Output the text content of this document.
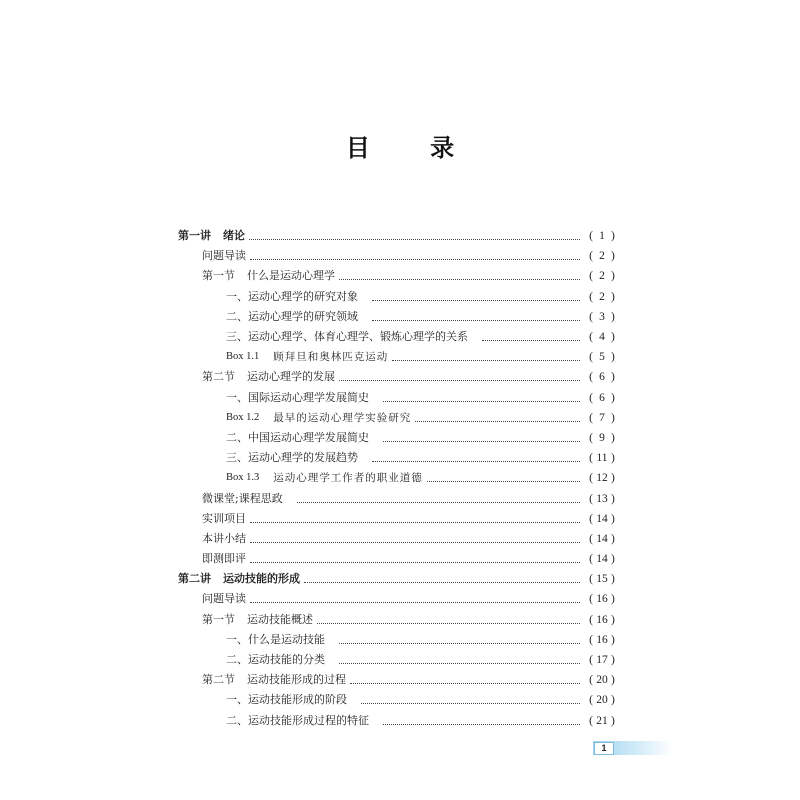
目 录
第一讲 绪论	(1)
问题导读	(2)
第一节 什么是运动心理学	(2)
一、运动心理学的研究对象	(2)
二、运动心理学的研究领域	(3)
三、运动心理学、体育心理学、锻炼心理学的关系	(4)
Box 1.1 顾拜旦和奥林匹克运动	(5)
第二节 运动心理学的发展	(6)
一、国际运动心理学发展简史	(6)
Box 1.2 最早的运动心理学实验研究	(7)
二、中国运动心理学发展简史	(9)
三、运动心理学的发展趋势	(11)
Box 1.3 运动心理学工作者的职业道德	(12)
微课堂;课程思政	(13)
实训项目	(14)
本讲小结	(14)
即测即评	(14)
第二讲 运动技能的形成	(15)
问题导读	(16)
第一节 运动技能概述	(16)
一、什么是运动技能	(16)
二、运动技能的分类	(17)
第二节 运动技能形成的过程	(20)
一、运动技能形成的阶段	(20)
二、运动技能形成过程的特征	(21)
1
